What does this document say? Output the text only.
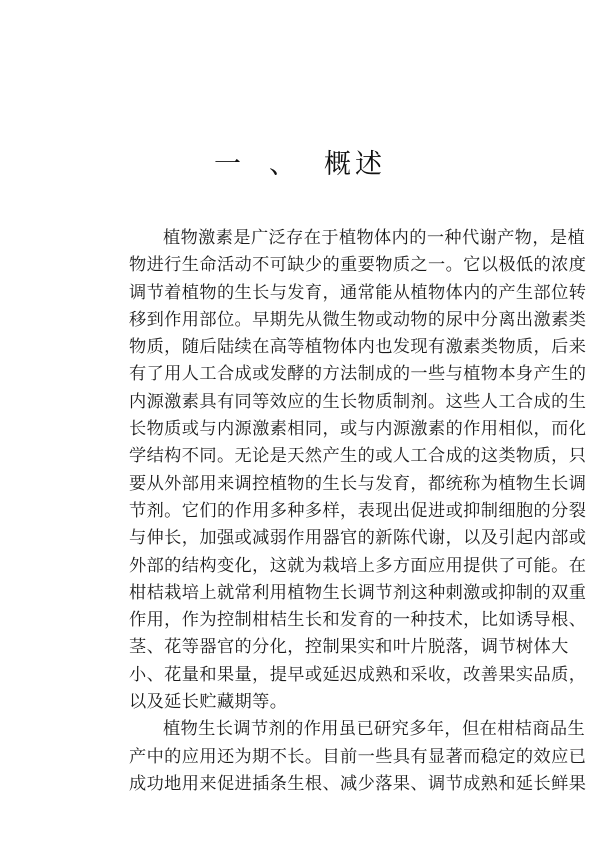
一 、 概述
植物激素是广泛存在于植物体内的一种代谢产物，是植
物进行生命活动不可缺少的重要物质之一。它以极低的浓度
调节着植物的生长与发育，通常能从植物体内的产生部位转
移到作用部位。早期先从微生物或动物的尿中分离出激素类
物质，随后陆续在高等植物体内也发现有激素类物质，后来
有了用人工合成或发酵的方法制成的一些与植物本身产生的
内源激素具有同等效应的生长物质制剂。这些人工合成的生
长物质或与内源激素相同，或与内源激素的作用相似，而化
学结构不同。无论是天然产生的或人工合成的这类物质，只
要从外部用来调控植物的生长与发育，都统称为植物生长调
节剂。它们的作用多种多样，表现出促进或抑制细胞的分裂
与伸长，加强或减弱作用器官的新陈代谢，以及引起内部或
外部的结构变化，这就为栽培上多方面应用提供了可能。在
柑桔栽培上就常利用植物生长调节剂这种刺激或抑制的双重
作用，作为控制柑桔生长和发育的一种技术，比如诱导根、
茎、花等器官的分化，控制果实和叶片脱落，调节树体大
小、花量和果量，提早或延迟成熟和采收，改善果实品质，
以及延长贮藏期等。
植物生长调节剂的作用虽已研究多年，但在柑桔商品生
产中的应用还为期不长。目前一些具有显著而稳定的效应已
成功地用来促进插条生根、减少落果、调节成熟和延长鲜果
